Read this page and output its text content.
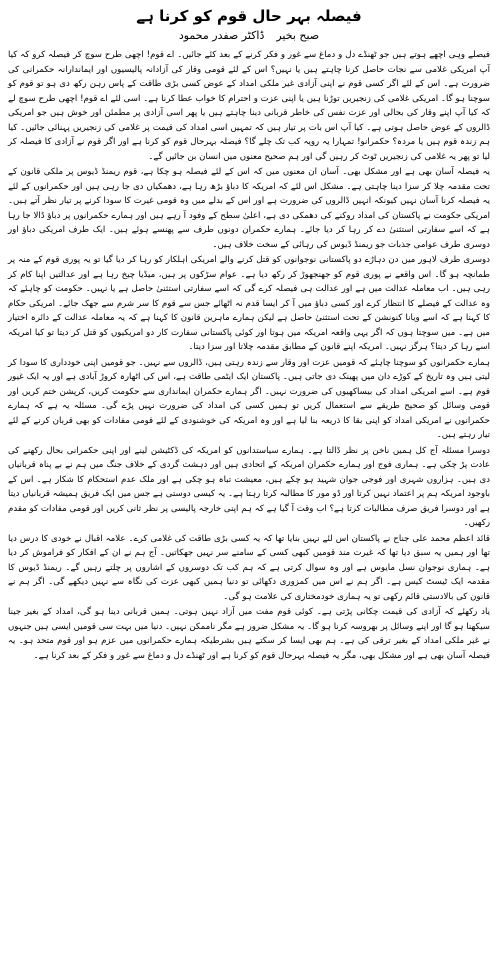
فیصلہ بہر حال قوم کو کرنا ہے
صبح بخیرڈاکٹر صفدر محمود

فیصلے وہی اچھے ہوتے ہیں جو ٹھنڈے دل و دماغ سے غور و فکر کرنے کے بعد کئے جائیں۔ اے قوم! اچھی طرح سوچ کر فیصلہ کرو کہ کیا آپ امریکی غلامی سے نجات حاصل کرنا چاہتے ہیں یا نہیں؟ اس کے لئے قومی وقار کی آزادانہ پالیسیوں اور ایماندارانہ حکمرانی کی ضرورت ہے۔ اس کے لئے اگر کسی قوم نے اپنی آزادی غیر ملکی امداد کے عوض کسی بڑی طاقت کے پاس رہن رکھ دی ہو تو قوم کو سوچنا ہو گا۔ امریکی غلامی کی زنجیریں توڑنا ہیں یا اپنی عزت و احترام کا خواب عطا کرنا ہے۔ اسی لئے اے قوم! اچھی طرح سوچ لے کہ کیا آپ اپنے وقار کی بحالی اور عزت نفس کی خاطر قربانی دینا چاہتے ہیں یا پھر اسی آزادی پر مطمئن اور خوش ہیں جو امریکی ڈالروں کے عوض حاصل ہوتی ہے۔ کیا آپ اس بات پر تیار ہیں کہ تمہیں اسی امداد کی قیمت پر غلامی کی زنجیریں پہنائی جائیں۔ کیا ہم زندہ قوم ہیں یا مردہ؟ حکمرانو! تمہارا یہ رویہ کب تک چلے گا؟ فیصلہ بہرحال قوم کو کرنا ہے اور اگر قوم نے آزادی کا فیصلہ کر لیا تو پھر یہ غلامی کی زنجیریں ٹوٹ کر رہیں گی اور ہم صحیح معنوں میں انسان بن جائیں گے۔

یہ فیصلہ آسان بھی ہے اور مشکل بھی۔ آسان ان معنوں میں کہ اس کے لئے فیصلہ ہو چکا ہے، قوم ریمنڈ ڈیوس پر ملکی قانون کے تحت مقدمہ چلا کر سزا دینا چاہتی ہے۔ مشکل اس لئے کہ امریکہ کا دباؤ بڑھ رہا ہے، دھمکیاں دی جا رہی ہیں اور حکمرانوں کے لئے یہ فیصلہ کرنا آسان نہیں کیونکہ انہیں ڈالروں کی ضرورت ہے اور اس کے بدلے میں وہ قومی غیرت کا سودا کرنے پر تیار نظر آتے ہیں۔ امریکی حکومت نے پاکستان کی امداد روکنے کی دھمکی دی ہے، اعلیٰ سطح کے وفود آ رہے ہیں اور ہمارے حکمرانوں پر دباؤ ڈالا جا رہا ہے کہ اسے سفارتی استثنیٰ دے کر رہا کر دیا جائے۔ ہمارے حکمران دونوں طرف سے پھنسے ہوئے ہیں۔ ایک طرف امریکی دباؤ اور دوسری طرف عوامی جذبات جو ریمنڈ ڈیوس کی رہائی کے سخت خلاف ہیں۔

دوسری طرف لاہور میں دن دہاڑے دو پاکستانی نوجوانوں کو قتل کرنے والے امریکی اہلکار کو رہا کر دیا گیا تو یہ پوری قوم کے منہ پر طمانچہ ہو گا۔ اس واقعے نے پوری قوم کو جھنجھوڑ کر رکھ دیا ہے۔ عوام سڑکوں پر ہیں، میڈیا چیخ رہا ہے اور عدالتیں اپنا کام کر رہی ہیں۔ اب معاملہ عدالت میں ہے اور عدالت ہی فیصلہ کرے گی کہ اسے سفارتی استثنیٰ حاصل ہے یا نہیں۔ حکومت کو چاہئے کہ وہ عدالت کے فیصلے کا انتظار کرے اور کسی دباؤ میں آ کر ایسا قدم نہ اٹھائے جس سے قوم کا سر شرم سے جھک جائے۔ امریکی حکام کا کہنا ہے کہ اسے ویانا کنونشن کے تحت استثنیٰ حاصل ہے لیکن ہمارے ماہرین قانون کا کہنا ہے کہ یہ معاملہ عدالت کے دائرہ اختیار میں ہے۔ میں سوچتا ہوں کہ اگر یہی واقعہ امریکہ میں ہوتا اور کوئی پاکستانی سفارت کار دو امریکیوں کو قتل کر دیتا تو کیا امریکہ اسے رہا کر دیتا؟ ہرگز نہیں۔ امریکہ اپنے قانون کے مطابق مقدمہ چلاتا اور سزا دیتا۔

ہمارے حکمرانوں کو سوچنا چاہئے کہ قومیں عزت اور وقار سے زندہ رہتی ہیں، ڈالروں سے نہیں۔ جو قومیں اپنی خودداری کا سودا کر لیتی ہیں وہ تاریخ کے کوڑے دان میں پھینک دی جاتی ہیں۔ پاکستان ایک ایٹمی طاقت ہے، اس کی اٹھارہ کروڑ آبادی ہے اور یہ ایک غیور قوم ہے۔ اسے امریکی امداد کی بیساکھیوں کی ضرورت نہیں۔ اگر ہمارے حکمران ایمانداری سے حکومت کریں، کرپشن ختم کریں اور قومی وسائل کو صحیح طریقے سے استعمال کریں تو ہمیں کسی کی امداد کی ضرورت نہیں پڑے گی۔ مسئلہ یہ ہے کہ ہمارے حکمرانوں نے امریکی امداد کو اپنی بقا کا ذریعہ بنا لیا ہے اور وہ امریکہ کی خوشنودی کے لئے قومی مفادات کو بھی قربان کرنے کے لئے تیار رہتے ہیں۔

دوسرا مسئلہ آج کل ہمیں ناخن پر نظر ڈالتا ہے۔ ہمارے سیاستدانوں کو امریکہ کی ڈکٹیشن لینے اور اپنی حکمرانی بحال رکھنے کی عادت پڑ چکی ہے۔ ہماری فوج اور ہمارے حکمران امریکہ کے اتحادی ہیں اور دہشت گردی کے خلاف جنگ میں ہم نے بے پناہ قربانیاں دی ہیں۔ ہزاروں شہری اور فوجی جوان شہید ہو چکے ہیں، معیشت تباہ ہو چکی ہے اور ملک عدم استحکام کا شکار ہے۔ اس کے باوجود امریکہ ہم پر اعتماد نہیں کرتا اور ڈو مور کا مطالبہ کرتا رہتا ہے۔ یہ کیسی دوستی ہے جس میں ایک فریق ہمیشہ قربانیاں دیتا ہے اور دوسرا فریق صرف مطالبات کرتا ہے؟ اب وقت آ گیا ہے کہ ہم اپنی خارجہ پالیسی پر نظر ثانی کریں اور قومی مفادات کو مقدم رکھیں۔

قائد اعظم محمد علی جناح نے پاکستان اس لئے نہیں بنایا تھا کہ یہ کسی بڑی طاقت کی غلامی کرے۔ علامہ اقبال نے خودی کا درس دیا تھا اور ہمیں یہ سبق دیا تھا کہ غیرت مند قومیں کبھی کسی کے سامنے سر نہیں جھکاتیں۔ آج ہم نے ان کے افکار کو فراموش کر دیا ہے۔ ہماری نوجوان نسل مایوس ہے اور وہ سوال کرتی ہے کہ ہم کب تک دوسروں کے اشاروں پر چلتے رہیں گے۔ ریمنڈ ڈیوس کا مقدمہ ایک ٹیسٹ کیس ہے۔ اگر ہم نے اس میں کمزوری دکھائی تو دنیا ہمیں کبھی عزت کی نگاہ سے نہیں دیکھے گی۔ اگر ہم نے قانون کی بالادستی قائم رکھی تو یہ ہماری خودمختاری کی علامت ہو گی۔

یاد رکھئے کہ آزادی کی قیمت چکانی پڑتی ہے۔ کوئی قوم مفت میں آزاد نہیں ہوتی۔ ہمیں قربانی دینا ہو گی، امداد کے بغیر جینا سیکھنا ہو گا اور اپنے وسائل پر بھروسہ کرنا ہو گا۔ یہ مشکل ضرور ہے مگر ناممکن نہیں۔ دنیا میں بہت سی قومیں ایسی ہیں جنہوں نے غیر ملکی امداد کے بغیر ترقی کی ہے۔ ہم بھی ایسا کر سکتے ہیں بشرطیکہ ہمارے حکمرانوں میں عزم ہو اور قوم متحد ہو۔ یہ فیصلہ آسان بھی ہے اور مشکل بھی، مگر یہ فیصلہ بہرحال قوم کو کرنا ہے اور ٹھنڈے دل و دماغ سے غور و فکر کے بعد کرنا ہے۔
